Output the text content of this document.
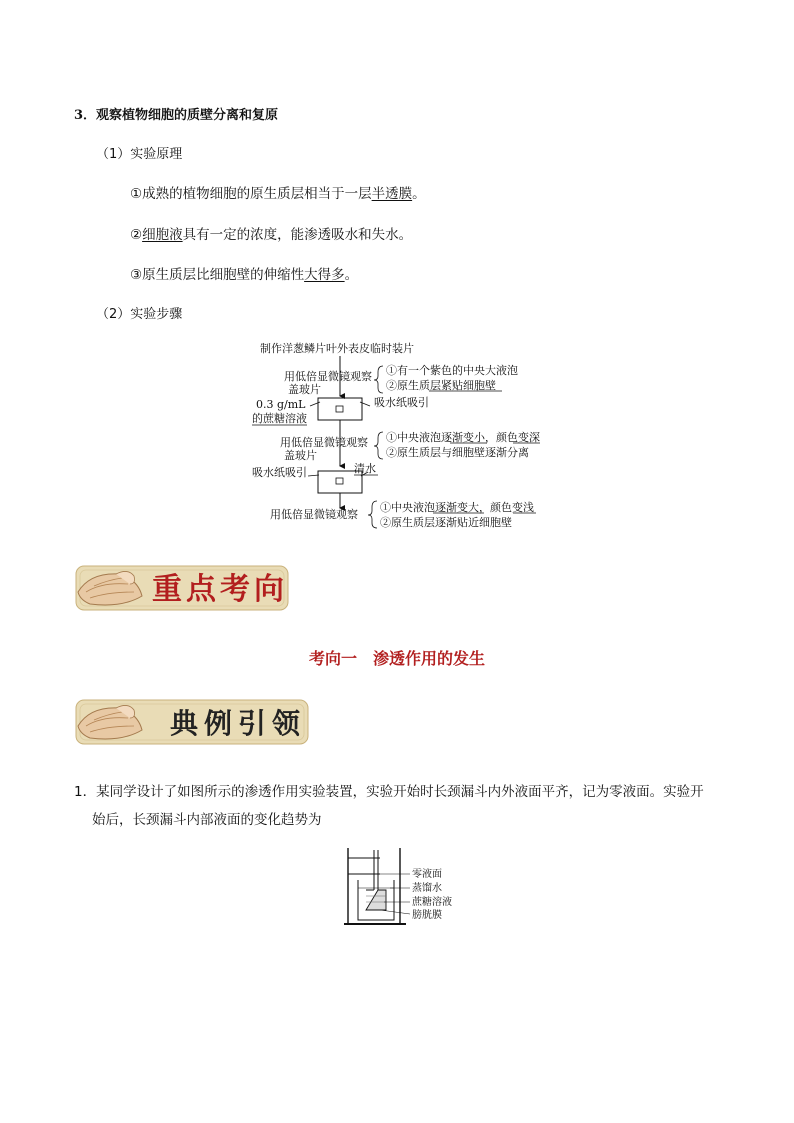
3．观察植物细胞的质壁分离和复原
（1）实验原理
①成熟的植物细胞的原生质层相当于一层半透膜。
②细胞液具有一定的浓度，能渗透吸水和失水。
③原生质层比细胞壁的伸缩性大得多。
（2）实验步骤
制作洋葱鳞片叶外表皮临时装片
用低倍显微镜观察 ①有一个紫色的中央大液泡
②原生质层紧贴细胞壁
盖玻片
0.3 g/mL
的蔗糖溶液
吸水纸吸引
用低倍显微镜观察 ①中央液泡逐渐变小，颜色变深
②原生质层与细胞壁逐渐分离
盖玻片
吸水纸吸引	清水
用低倍显微镜观察
①中央液泡逐渐变大，颜色变浅
②原生质层逐渐贴近细胞壁
重点考向
考向一　渗透作用的发生
典例引领
1．某同学设计了如图所示的渗透作用实验装置，实验开始时长颈漏斗内外液面平齐，记为零液面。实验开
始后，长颈漏斗内部液面的变化趋势为
零液面
蒸馏水
蔗糖溶液
膀胱膜
